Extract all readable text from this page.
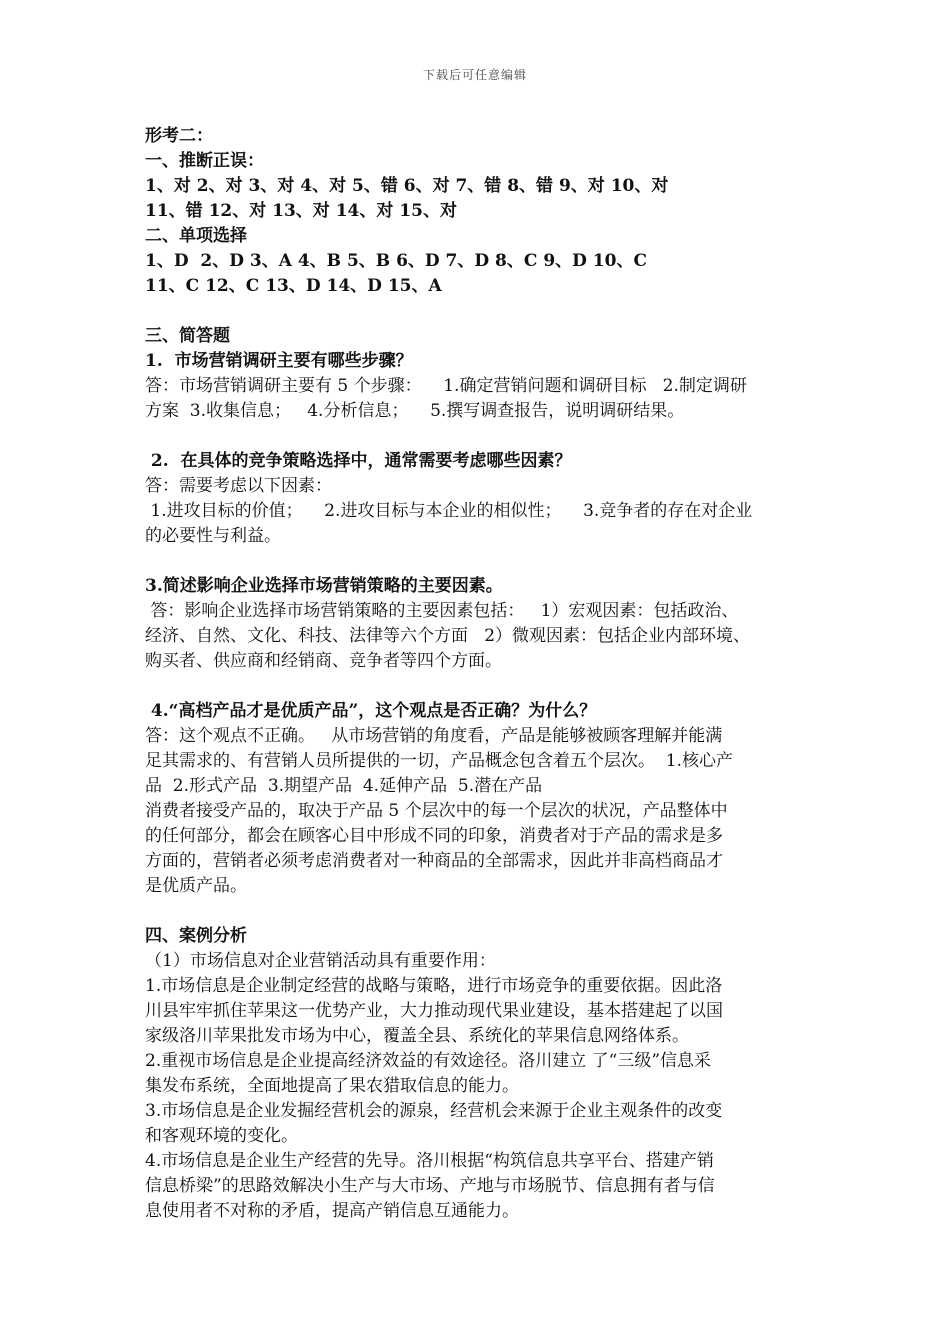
下载后可任意编辑
形考二：
一、推断正误：
1、对 2、对 3、对 4、对 5、错 6、对 7、错 8、错 9、对 10、对
11、错 12、对 13、对 14、对 15、对
二、单项选择
1、D  2、D 3、A 4、B 5、B 6、D 7、D 8、C 9、D 10、C
11、C 12、C 13、D 14、D 15、A
三、简答题
1.  市场营销调研主要有哪些步骤？
答：市场营销调研主要有 5 个步骤：    1.确定营销问题和调研目标   2.制定调研
方案  3.收集信息；   4.分析信息；    5.撰写调查报告，说明调研结果。
2.  在具体的竞争策略选择中，通常需要考虑哪些因素？
答：需要考虑以下因素：
1.进攻目标的价值；    2.进攻目标与本企业的相似性；    3.竞争者的存在对企业
的必要性与利益。
3.简述影响企业选择市场营销策略的主要因素。
答：影响企业选择市场营销策略的主要因素包括：   1）宏观因素：包括政治、
经济、自然、文化、科技、法律等六个方面   2）微观因素：包括企业内部环境、
购买者、供应商和经销商、竞争者等四个方面。
4.“高档产品才是优质产品”，这个观点是否正确？为什么？
答：这个观点不正确。   从市场营销的角度看，产品是能够被顾客理解并能满
足其需求的、有营销人员所提供的一切，产品概念包含着五个层次。  1.核心产
品  2.形式产品  3.期望产品  4.延伸产品  5.潜在产品
消费者接受产品的，取决于产品 5 个层次中的每一个层次的状况，产品整体中
的任何部分，都会在顾客心目中形成不同的印象，消费者对于产品的需求是多
方面的，营销者必须考虑消费者对一种商品的全部需求，因此并非高档商品才
是优质产品。
四、案例分析
（1）市场信息对企业营销活动具有重要作用：
1.市场信息是企业制定经营的战略与策略，进行市场竞争的重要依据。因此洛
川县牢牢抓住苹果这一优势产业，大力推动现代果业建设，基本搭建起了以国
家级洛川苹果批发市场为中心，覆盖全县、系统化的苹果信息网络体系。
2.重视市场信息是企业提高经济效益的有效途径。洛川建立 了“三级”信息采
集发布系统，全面地提高了果农猎取信息的能力。
3.市场信息是企业发掘经营机会的源泉，经营机会来源于企业主观条件的改变
和客观环境的变化。
4.市场信息是企业生产经营的先导。洛川根据“构筑信息共享平台、搭建产销
信息桥梁”的思路效解决小生产与大市场、产地与市场脱节、信息拥有者与信
息使用者不对称的矛盾，提高产销信息互通能力。
